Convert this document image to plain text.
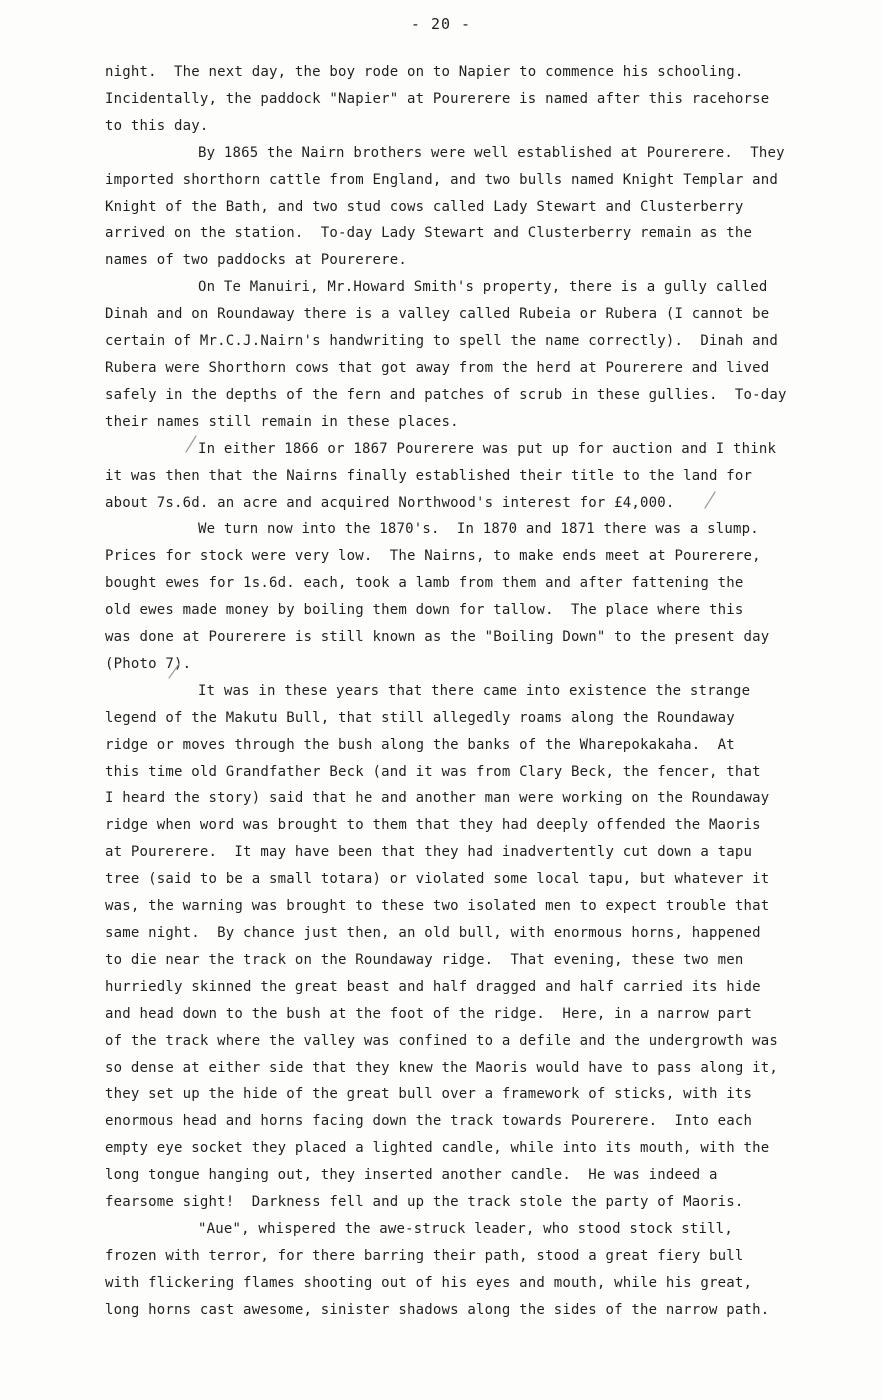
- 20 -
night.  The next day, the boy rode on to Napier to commence his schooling.
Incidentally, the paddock "Napier" at Pourerere is named after this racehorse
to this day.
By 1865 the Nairn brothers were well established at Pourerere.  They
imported shorthorn cattle from England, and two bulls named Knight Templar and
Knight of the Bath, and two stud cows called Lady Stewart and Clusterberry
arrived on the station.  To-day Lady Stewart and Clusterberry remain as the
names of two paddocks at Pourerere.
On Te Manuiri, Mr.Howard Smith's property, there is a gully called
Dinah and on Roundaway there is a valley called Rubeia or Rubera (I cannot be
certain of Mr.C.J.Nairn's handwriting to spell the name correctly).  Dinah and
Rubera were Shorthorn cows that got away from the herd at Pourerere and lived
safely in the depths of the fern and patches of scrub in these gullies.  To-day
their names still remain in these places.
In either 1866 or 1867 Pourerere was put up for auction and I think
it was then that the Nairns finally established their title to the land for
about 7s.6d. an acre and acquired Northwood's interest for £4,000.
We turn now into the 1870's.  In 1870 and 1871 there was a slump.
Prices for stock were very low.  The Nairns, to make ends meet at Pourerere,
bought ewes for 1s.6d. each, took a lamb from them and after fattening the
old ewes made money by boiling them down for tallow.  The place where this
was done at Pourerere is still known as the "Boiling Down" to the present day
(Photo 7).
It was in these years that there came into existence the strange
legend of the Makutu Bull, that still allegedly roams along the Roundaway
ridge or moves through the bush along the banks of the Wharepokakaha.  At
this time old Grandfather Beck (and it was from Clary Beck, the fencer, that
I heard the story) said that he and another man were working on the Roundaway
ridge when word was brought to them that they had deeply offended the Maoris
at Pourerere.  It may have been that they had inadvertently cut down a tapu
tree (said to be a small totara) or violated some local tapu, but whatever it
was, the warning was brought to these two isolated men to expect trouble that
same night.  By chance just then, an old bull, with enormous horns, happened
to die near the track on the Roundaway ridge.  That evening, these two men
hurriedly skinned the great beast and half dragged and half carried its hide
and head down to the bush at the foot of the ridge.  Here, in a narrow part
of the track where the valley was confined to a defile and the undergrowth was
so dense at either side that they knew the Maoris would have to pass along it,
they set up the hide of the great bull over a framework of sticks, with its
enormous head and horns facing down the track towards Pourerere.  Into each
empty eye socket they placed a lighted candle, while into its mouth, with the
long tongue hanging out, they inserted another candle.  He was indeed a
fearsome sight!  Darkness fell and up the track stole the party of Maoris.
"Aue", whispered the awe-struck leader, who stood stock still,
frozen with terror, for there barring their path, stood a great fiery bull
with flickering flames shooting out of his eyes and mouth, while his great,
long horns cast awesome, sinister shadows along the sides of the narrow path.
